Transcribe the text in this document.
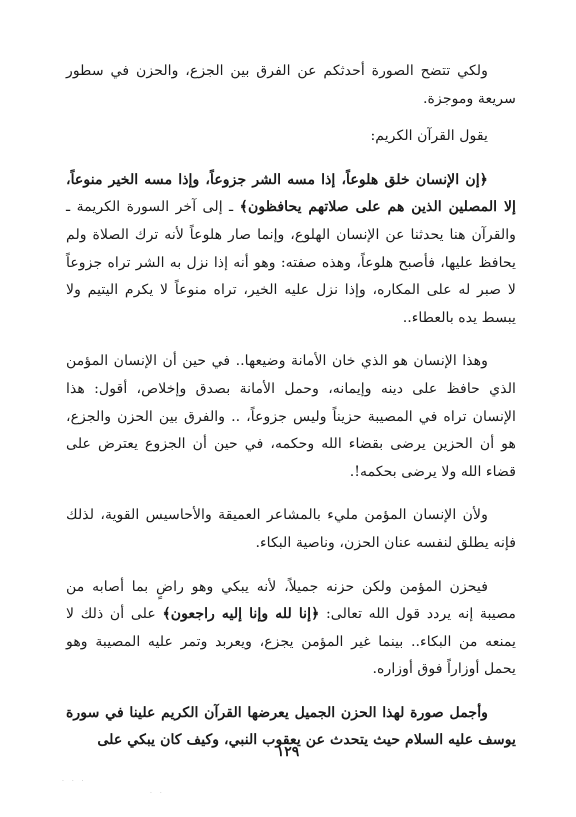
ولكي تتضح الصورة أحدثكم عن الفرق بين الجزع، والحزن في سطور سريعة وموجزة.

يقول القرآن الكريم:

﴿إن الإنسان خلق هلوعاً، إذا مسه الشر جزوعاً، وإذا مسه الخير منوعاً، إلا المصلين الذين هم على صلاتهم يحافظون﴾ ـ إلى آخر السورة الكريمة ـ والقرآن هنا يحدثنا عن الإنسان الهلوع، وإنما صار هلوعاً لأنه ترك الصلاة ولم يحافظ عليها، فأصبح هلوعاً، وهذه صفته: وهو أنه إذا نزل به الشر تراه جزوعاً لا صبر له على المكاره، وإذا نزل عليه الخير، تراه منوعاً لا يكرم اليتيم ولا يبسط يده بالعطاء..

وهذا الإنسان هو الذي خان الأمانة وضيعها.. في حين أن الإنسان المؤمن الذي حافظ على دينه وإيمانه، وحمل الأمانة بصدق وإخلاص، أقول: هذا الإنسان تراه في المصيبة حزيناً وليس جزوعاً، .. والفرق بين الحزن والجزع، هو أن الحزين يرضى بقضاء الله وحكمه، في حين أن الجزوع يعترض على قضاء الله ولا يرضى بحكمه!.

ولأن الإنسان المؤمن مليء بالمشاعر العميقة والأحاسيس القوية، لذلك فإنه يطلق لنفسه عنان الحزن، وناصية البكاء.

فيحزن المؤمن ولكن حزنه جميلاً، لأنه يبكي وهو راضٍ بما أصابه من مصيبة إنه يردد قول الله تعالى: ﴿إنا لله وإنا إليه راجعون﴾ على أن ذلك لا يمنعه من البكاء.. بينما غير المؤمن يجزع، ويعربد وتمر عليه المصيبة وهو يحمل أوزاراً فوق أوزاره.

وأجمل صورة لهذا الحزن الجميل يعرضها القرآن الكريم علينا في سورة يوسف عليه السلام حيث يتحدث عن يعقوب النبي، وكيف كان يبكي على

١٢٩
. . .
. .
